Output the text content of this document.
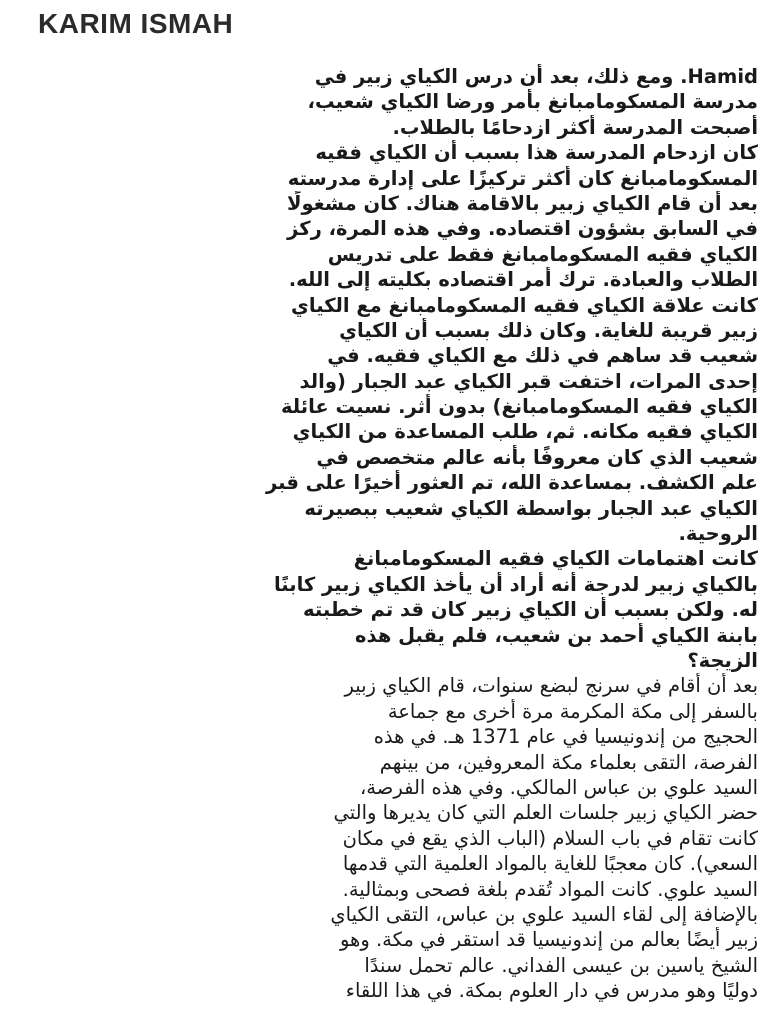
KARIM ISMAH
Hamid. ومع ذلك، بعد أن درس الكياي زبير في
مدرسة المسكومامبانغ بأمر ورضا الكياي شعيب،
أصبحت المدرسة أكثر ازدحامًا بالطلاب.
كان ازدحام المدرسة هذا بسبب أن الكياي فقيه
المسكومامبانغ كان أكثر تركيزًا على إدارة مدرسته
بعد أن قام الكياي زبير بالاقامة هناك. كان مشغولًا
في السابق بشؤون اقتصاده. وفي هذه المرة، ركز
الكياي فقيه المسكومامبانغ فقط على تدريس
الطلاب والعبادة. ترك أمر اقتصاده بكليته إلى الله.
كانت علاقة الكياي فقيه المسكومامبانغ مع الكياي
زبير قريبة للغاية. وكان ذلك بسبب أن الكياي
شعيب قد ساهم في ذلك مع الكياي فقيه. في
إحدى المرات، اختفت قبر الكياي عبد الجبار (والد
الكياي فقيه المسكومامبانغ) بدون أثر. نسيت عائلة
الكياي فقيه مكانه. ثم، طلب المساعدة من الكياي
شعيب الذي كان معروفًا بأنه عالم متخصص في
علم الكشف. بمساعدة الله، تم العثور أخيرًا على قبر
الكياي عبد الجبار بواسطة الكياي شعيب ببصيرته
الروحية.
كانت اهتمامات الكياي فقيه المسكومامبانغ
بالكياي زبير لدرجة أنه أراد أن يأخذ الكياي زبير كابنًا
له. ولكن بسبب أن الكياي زبير كان قد تم خطبته
بابنة الكياي أحمد بن شعيب، فلم يقبل هذه
الزيجة؟
بعد أن أقام في سرنج لبضع سنوات، قام الكياي زبير
بالسفر إلى مكة المكرمة مرة أخرى مع جماعة
الحجيج من إندونيسيا في عام 1371 هـ. في هذه
الفرصة، التقى بعلماء مكة المعروفين، من بينهم
السيد علوي بن عباس المالكي. وفي هذه الفرصة،
حضر الكياي زبير جلسات العلم التي كان يديرها والتي
كانت تقام في باب السلام (الباب الذي يقع في مكان
السعي). كان معجبًا للغاية بالمواد العلمية التي قدمها
السيد علوي. كانت المواد تُقدم بلغة فصحى وبمثالية.
بالإضافة إلى لقاء السيد علوي بن عباس، التقى الكياي
زبير أيضًا بعالم من إندونيسيا قد استقر في مكة. وهو
الشيخ ياسين بن عيسى الفداني. عالم تحمل سندًا
دوليًا وهو مدرس في دار العلوم بمكة. في هذا اللقاء
